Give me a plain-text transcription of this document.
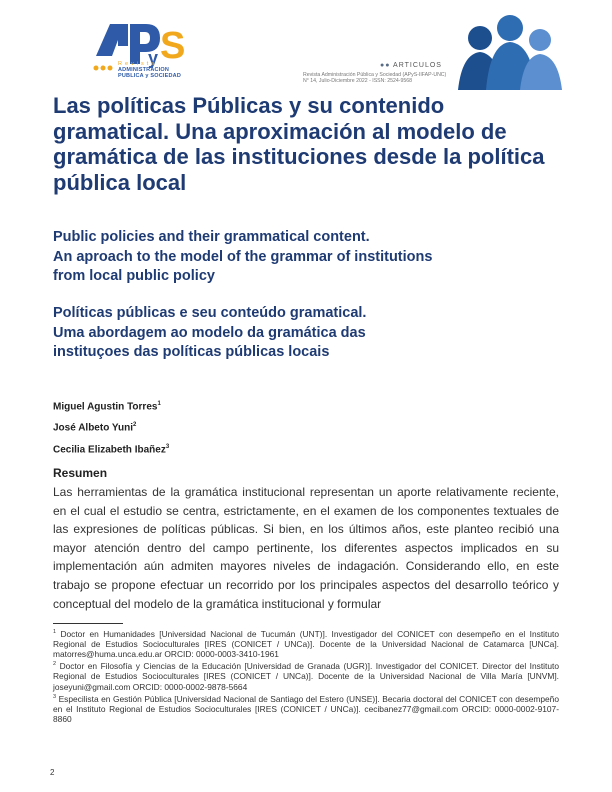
y S
Revista
ADMINISTRACION
PUBLICA y SOCIEDAD
●● ARTICULOS
Revista Administración Pública y Sociedad (APyS-IIFAP-UNC)
N° 14, Julio-Diciembre 2022 - ISSN: 2524-9568
Las políticas Públicas y su contenido gramatical. Una aproximación al modelo de gramática de las instituciones desde la política pública local
Public policies and their grammatical content.
An aproach to the model of the grammar of institutions
from local public policy
Políticas públicas e seu conteúdo gramatical.
Uma abordagem ao modelo da gramática das
instituçoes das políticas públicas locais
Miguel Agustin Torres$^1$
José Albeto Yuni$^2$
Cecilia Elizabeth Ibañez$^3$
Resumen
Las herramientas de la gramática institucional representan un aporte relativamente reciente, en el cual el estudio se centra, estrictamente, en el examen de los componentes textuales de las expresiones de políticas públicas. Si bien, en los últimos años, este planteo recibió una mayor atención dentro del campo pertinente, los diferentes aspectos implicados en su implementación aún admiten mayores niveles de indagación. Considerando ello, en este trabajo se propone efectuar un recorrido por los principales aspectos del desarrollo teórico y conceptual del modelo de la gramática institucional y formular

$^1$ Doctor en Humanidades [Universidad Nacional de Tucumán (UNT)]. Investigador del CONICET con desempeño en el Instituto Regional de Estudios Socioculturales [IRES (CONICET / UNCa)]. Docente de la Universidad Nacional de Catamarca [UNCa]. matorres@huma.unca.edu.ar ORCID: 0000-0003-3410-1961

$^2$ Doctor en Filosofía y Ciencias de la Educación [Universidad de Granada (UGR)]. Investigador del CONICET. Director del Instituto Regional de Estudios Socioculturales [IRES (CONICET / UNCa)]. Docente de la Universidad Nacional de Villa María [UNVM]. joseyuni@gmail.com ORCID: 0000-0002-9878-5664

$^3$ Especilista en Gestión Pública [Universidad Nacional de Santiago del Estero (UNSE)]. Becaria doctoral del CONICET con desempeño en el Instituto Regional de Estudios Socioculturales [IRES (CONICET / UNCa)]. cecibanez77@gmail.com ORCID: 0000-0002-9107-8860

2
